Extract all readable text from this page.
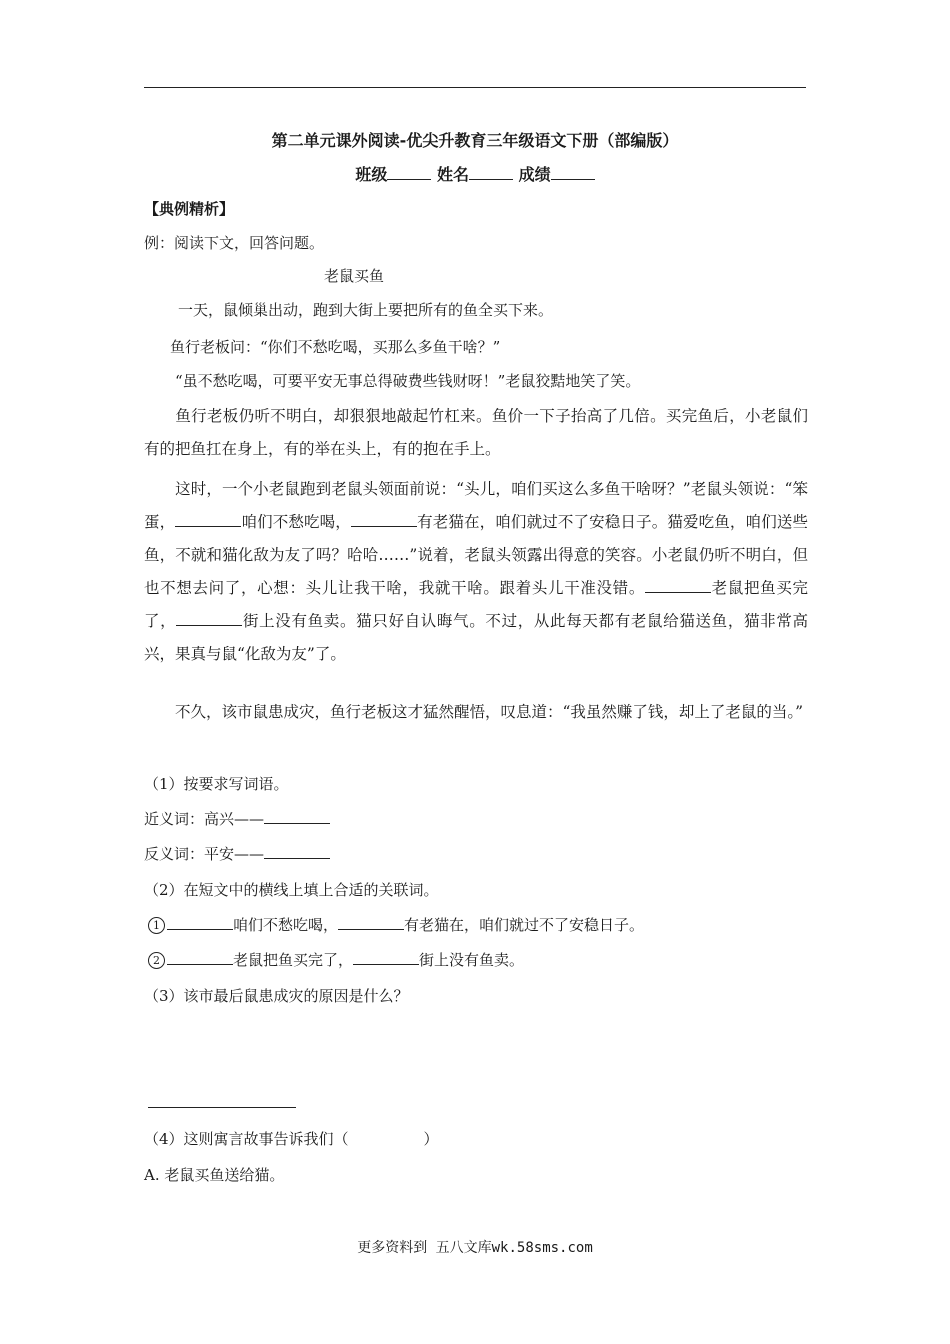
第二单元课外阅读-优尖升教育三年级语文下册（部编版）
班级	姓名	成绩
【典例精析】
例：阅读下文，回答问题。
老鼠买鱼
一天，鼠倾巢出动，跑到大街上要把所有的鱼全买下来。
鱼行老板问：“你们不愁吃喝，买那么多鱼干啥？”
“虽不愁吃喝，可要平安无事总得破费些钱财呀！”老鼠狡黠地笑了笑。
鱼行老板仍听不明白，却狠狠地敲起竹杠来。鱼价一下子抬高了几倍。买完鱼后，小老鼠们有的把鱼扛在身上，有的举在头上，有的抱在手上。
这时，一个小老鼠跑到老鼠头领面前说：“头儿，咱们买这么多鱼干啥呀？”老鼠头领说：“笨蛋，	咱们不愁吃喝，	有老猫在，咱们就过不了安稳日子。猫爱吃鱼，咱们送些鱼，不就和猫化敌为友了吗？哈哈……”说着，老鼠头领露出得意的笑容。小老鼠仍听不明白，但也不想去问了，心想：头儿让我干啥，我就干啥。跟着头儿干准没错。	老鼠把鱼买完了，	街上没有鱼卖。猫只好自认晦气。不过，从此每天都有老鼠给猫送鱼，猫非常高兴，果真与鼠“化敌为友”了。
不久，该市鼠患成灾，鱼行老板这才猛然醒悟，叹息道：“我虽然赚了钱，却上了老鼠的当。”
（1）按要求写词语。
近义词：高兴——
反义词：平安——
（2）在短文中的横线上填上合适的关联词。
1	咱们不愁吃喝，	有老猫在，咱们就过不了安稳日子。
2	老鼠把鱼买完了，	街上没有鱼卖。
（3）该市最后鼠患成灾的原因是什么？
（4）这则寓言故事告诉我们（　　　　　）
A. 老鼠买鱼送给猫。
更多资料到 五八文库wk.58sms.com
